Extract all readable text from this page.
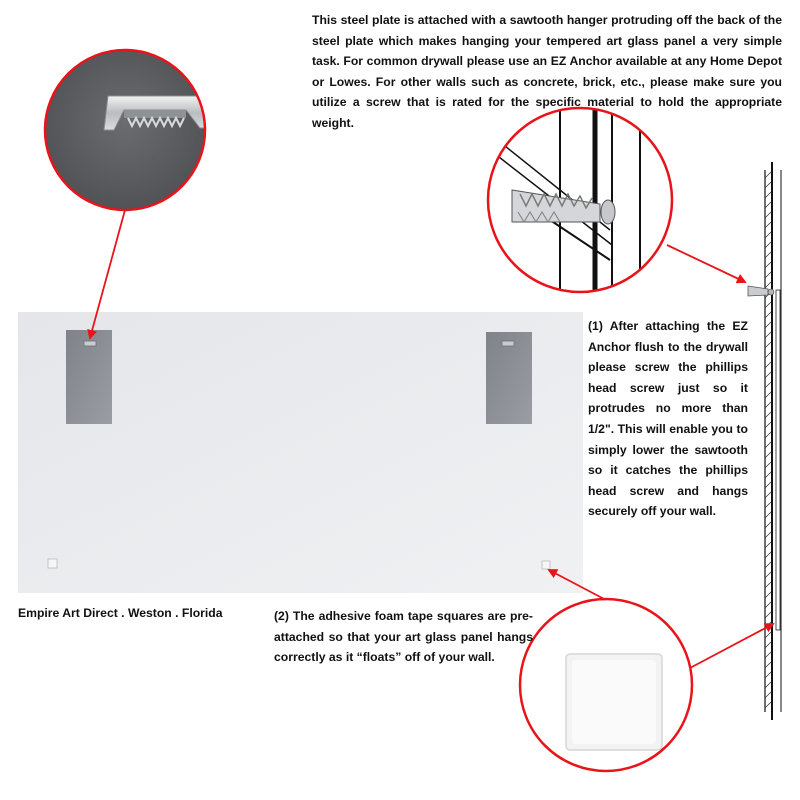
This steel plate is attached with a sawtooth hanger protruding off the back of the steel plate which makes hanging your tempered art glass panel a very simple task. For common drywall please use an EZ Anchor available at any Home Depot or Lowes. For other walls such as concrete, brick, etc., please make sure you utilize a screw that is rated for the specific material to hold the appropriate weight.
(1) After attaching the EZ Anchor flush to the drywall please screw the phillips head screw just so it protrudes no more than 1/2". This will enable you to simply lower the sawtooth so it catches the phillips head screw and hangs securely off your wall.
(2) The adhesive foam tape squares are pre-attached so that your art glass panel hangs correctly as it “floats” off of your wall.
Empire Art Direct . Weston . Florida
